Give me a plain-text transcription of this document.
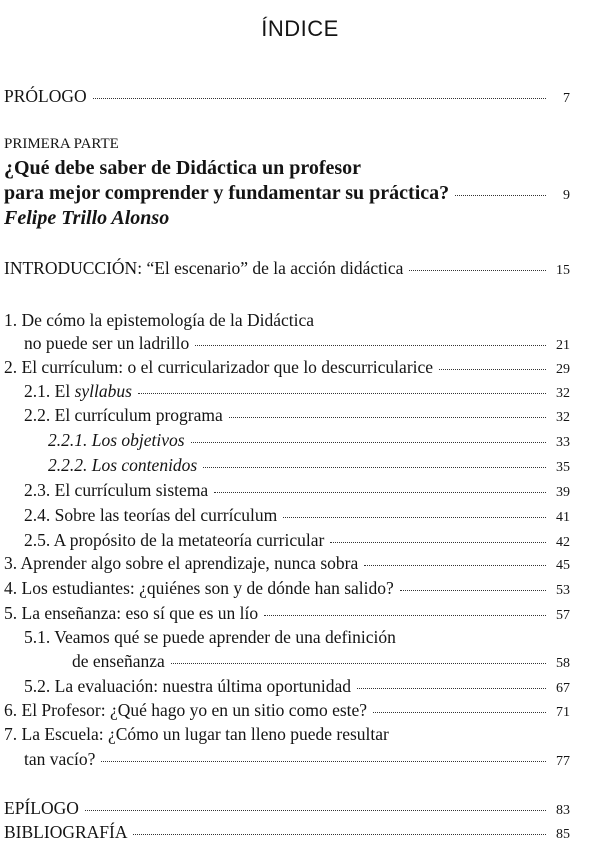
ÍNDICE
PRÓLOGO	7
PRIMERA PARTE
¿Qué debe saber de Didáctica un profesor
para mejor comprender y fundamentar su práctica?	9
Felipe Trillo Alonso
INTRODUCCIÓN: “El escenario” de la acción didáctica	15
1. De cómo la epistemología de la Didáctica
no puede ser un ladrillo	21
2. El currículum: o el curricularizador que lo descurricularice	29
2.1. El syllabus	32
2.2. El currículum programa	32
2.2.1. Los objetivos	33
2.2.2. Los contenidos	35
2.3. El currículum sistema	39
2.4. Sobre las teorías del currículum	41
2.5. A propósito de la metateoría curricular	42
3. Aprender algo sobre el aprendizaje, nunca sobra	45
4. Los estudiantes: ¿quiénes son y de dónde han salido?	53
5. La enseñanza: eso sí que es un lío	57
5.1. Veamos qué se puede aprender de una definición
de enseñanza	58
5.2. La evaluación: nuestra última oportunidad	67
6. El Profesor: ¿Qué hago yo en un sitio como este?	71
7. La Escuela: ¿Cómo un lugar tan lleno puede resultar
tan vacío?	77
EPÍLOGO	83
BIBLIOGRAFÍA	85
